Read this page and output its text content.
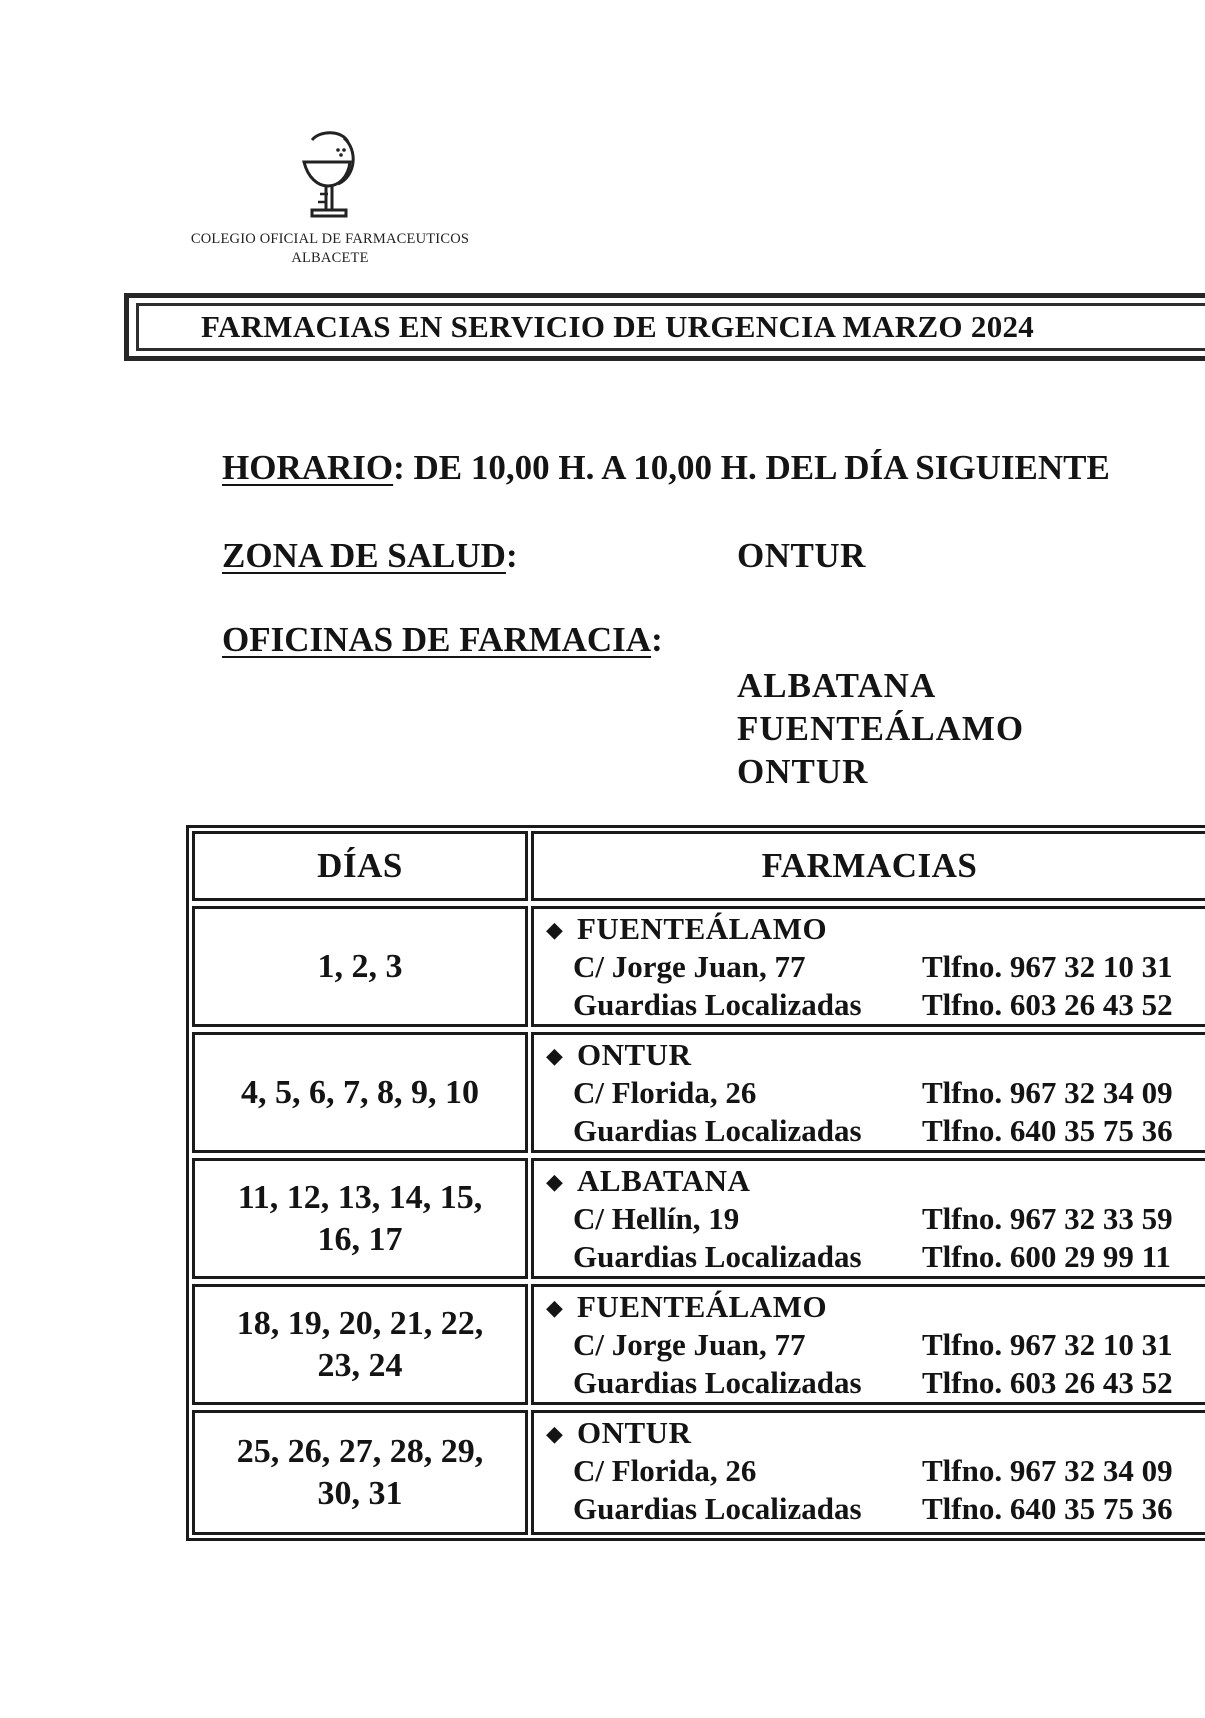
COLEGIO OFICIAL DE FARMACEUTICOS
ALBACETE
FARMACIAS EN SERVICIO DE URGENCIA MARZO 2024
HORARIO: DE 10,00 H. A 10,00 H. DEL DÍA SIGUIENTE
ZONA DE SALUD:	ONTUR
OFICINAS DE FARMACIA:
ALBATANA
FUENTEÁLAMO
ONTUR
DÍAS	FARMACIAS
1, 2, 3
◆ FUENTEÁLAMO
C/ Jorge Juan, 77	Tlfno. 967 32 10 31
Guardias Localizadas Tlfno. 603 26 43 52
4, 5, 6, 7, 8, 9, 10
◆ ONTUR
C/ Florida, 26	Tlfno. 967 32 34 09
Guardias Localizadas Tlfno. 640 35 75 36
11, 12, 13, 14, 15, 16, 17
◆ ALBATANA
C/ Hellín, 19	Tlfno. 967 32 33 59
Guardias Localizadas Tlfno. 600 29 99 11
18, 19, 20, 21, 22, 23, 24
◆ FUENTEÁLAMO
C/ Jorge Juan, 77	Tlfno. 967 32 10 31
Guardias Localizadas Tlfno. 603 26 43 52
25, 26, 27, 28, 29, 30, 31
◆ ONTUR
C/ Florida, 26	Tlfno. 967 32 34 09
Guardias Localizadas Tlfno. 640 35 75 36
